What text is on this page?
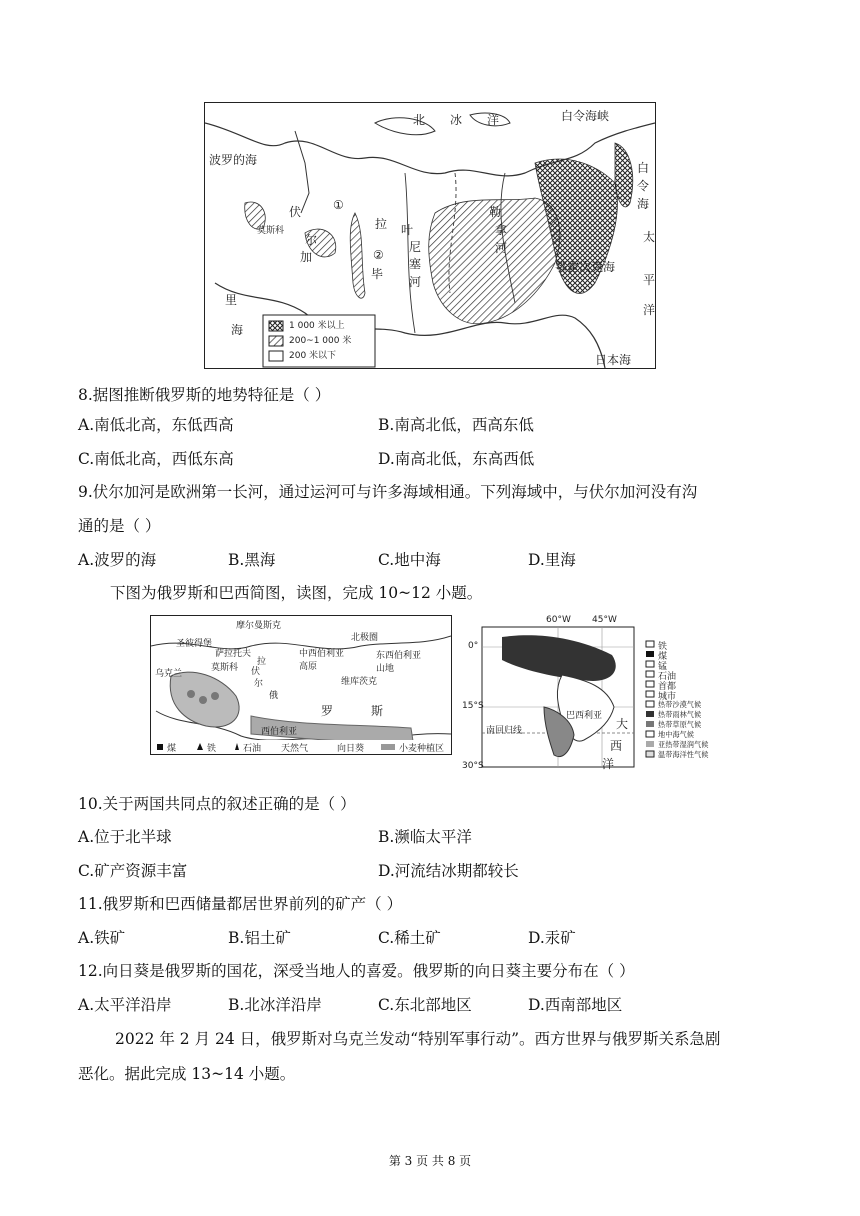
北 冰 洋	白令海峡
波罗的海
白
令
海
伏
尔
莫斯科
加
拉 叶
尼
塞
河
勒
拿
河
鄂霍次克海
太
平
洋
日本海
①
②
里
海
毕
1 000 米以上
200~1 000 米
200 米以下
8.据图推断俄罗斯的地势特征是（ ）
A.南低北高，东低西高	B.南高北低，西高东低
C.南低北高，西低东高	D.南高北低，东高西低
9.伏尔加河是欧洲第一长河，通过运河可与许多海域相通。下列海域中，与伏尔加河没有沟
通的是（ ）
A.波罗的海	B.黑海	C.地中海	D.里海
下图为俄罗斯和巴西简图，读图，完成 10~12 小题。
摩尔曼斯克
圣彼得堡
莫斯科
萨拉托夫
乌克兰	伏
尔
拉
俄
罗	斯
中西伯利亚高原
北极圈
东西伯利亚山地
维库茨克
西伯利亚
煤	铁	石油 天然气	向日葵	小麦种植区
60°W 45°W
0°
15°S
30°S
南回归线
巴西利亚
大
西
洋
铁
煤
锰
石油
首都
城市
热带沙漠气候
热带雨林气候
热带草原气候
地中海气候
亚热带湿润气候
温带海洋性气候
10.关于两国共同点的叙述正确的是（ ）
A.位于北半球	B.濒临太平洋
C.矿产资源丰富	D.河流结冰期都较长
11.俄罗斯和巴西储量都居世界前列的矿产（ ）
A.铁矿	B.铝土矿	C.稀土矿	D.汞矿
12.向日葵是俄罗斯的国花，深受当地人的喜爱。俄罗斯的向日葵主要分布在（ ）
A.太平洋沿岸	B.北冰洋沿岸	C.东北部地区	D.西南部地区
2022 年 2 月 24 日，俄罗斯对乌克兰发动“特别军事行动”。西方世界与俄罗斯关系急剧
恶化。据此完成 13~14 小题。
第 3 页 共 8 页
